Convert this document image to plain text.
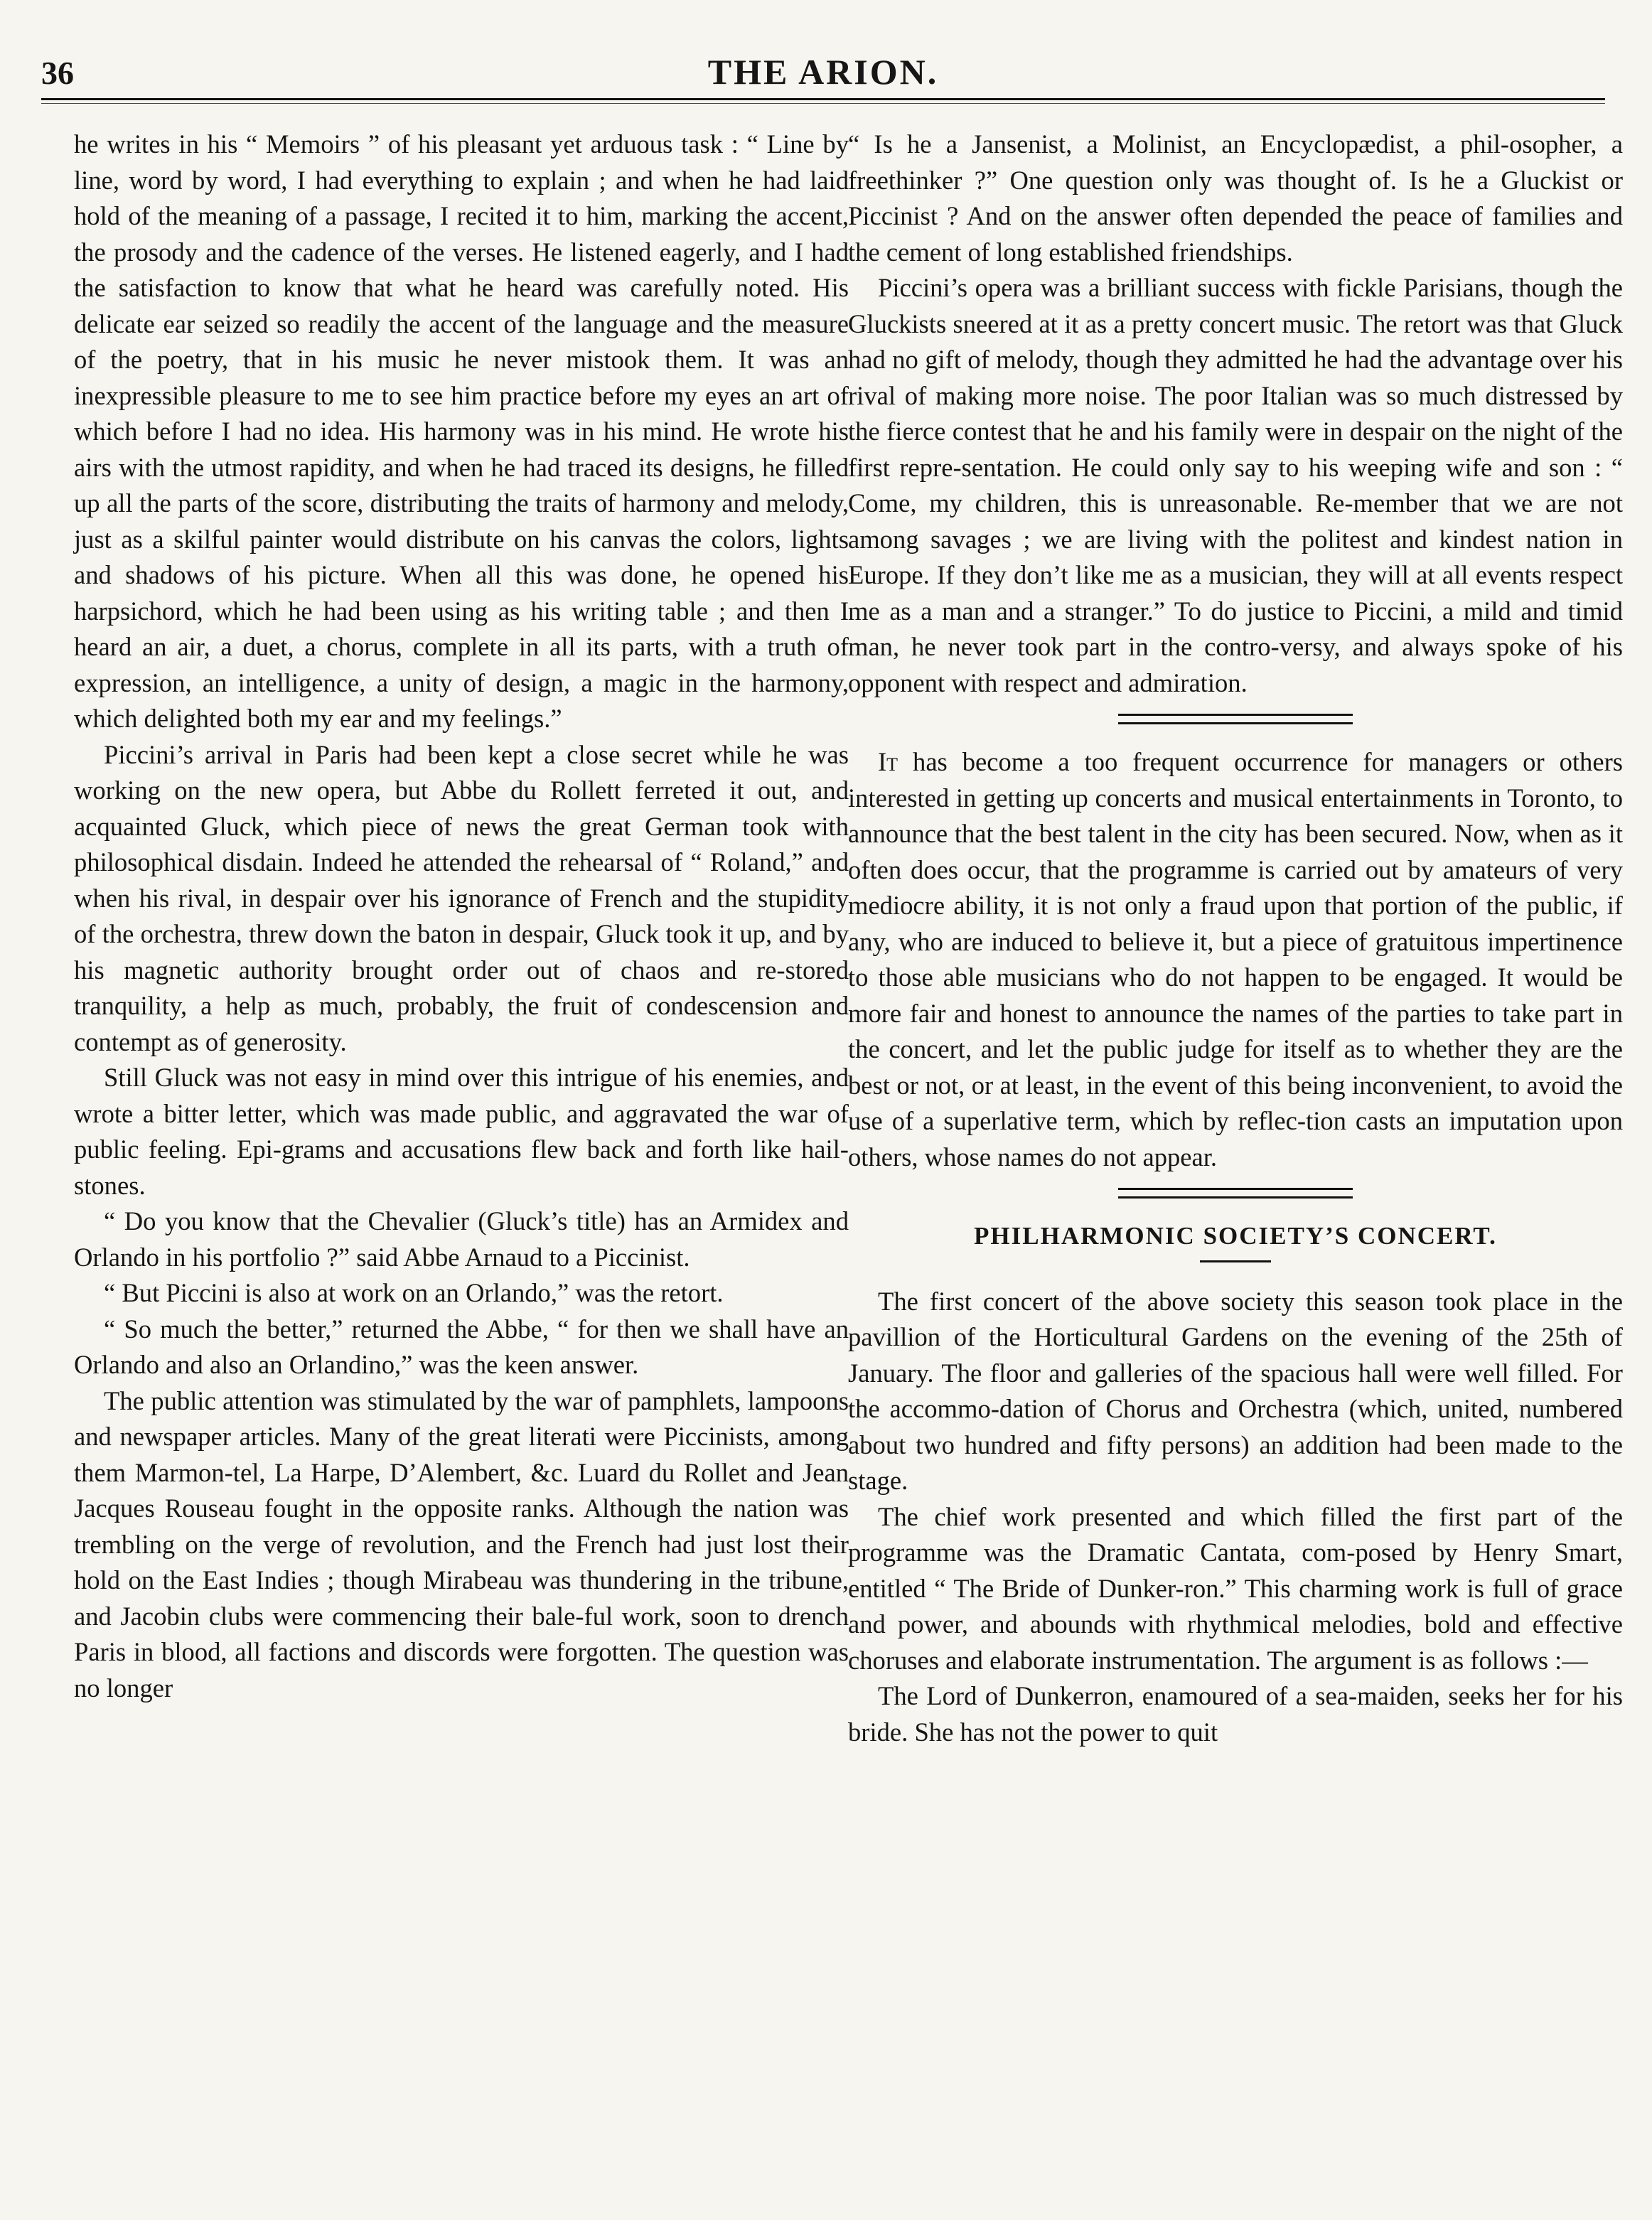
36	THE ARION.

he writes in his “ Memoirs ” of his pleasant yet arduous task : “ Line by line, word by word, I had everything to explain ; and when he had laid hold of the meaning of a passage, I recited it to him, marking the accent, the prosody and the cadence of the verses. He listened eagerly, and I had the satisfaction to know that what he heard was carefully noted. His delicate ear seized so readily the accent of the language and the measure of the poetry, that in his music he never mistook them. It was an inexpressible pleasure to me to see him practice before my eyes an art of which before I had no idea. His harmony was in his mind. He wrote his airs with the utmost rapidity, and when he had traced its designs, he filled up all the parts of the score, distributing the traits of harmony and melody, just as a skilful painter would distribute on his canvas the colors, lights and shadows of his picture. When all this was done, he opened his harpsichord, which he had been using as his writing table ; and then I heard an air, a duet, a chorus, complete in all its parts, with a truth of expression, an intelligence, a unity of design, a magic in the harmony, which delighted both my ear and my feelings.”

Piccini’s arrival in Paris had been kept a close secret while he was working on the new opera, but Abbe du Rollett ferreted it out, and acquainted Gluck, which piece of news the great German took with philosophical disdain. Indeed he attended the rehearsal of “ Roland,” and when his rival, in despair over his ignorance of French and the stupidity of the orchestra, threw down the baton in despair, Gluck took it up, and by his magnetic authority brought order out of chaos and re-stored tranquility, a help as much, probably, the fruit of condescension and contempt as of generosity.

Still Gluck was not easy in mind over this intrigue of his enemies, and wrote a bitter letter, which was made public, and aggravated the war of public feeling. Epi-grams and accusations flew back and forth like hail-stones.

“ Do you know that the Chevalier (Gluck’s title) has an Armidex and Orlando in his portfolio ?” said Abbe Arnaud to a Piccinist.

“ But Piccini is also at work on an Orlando,” was the retort.

“ So much the better,” returned the Abbe, “ for then we shall have an Orlando and also an Orlandino,” was the keen answer.

The public attention was stimulated by the war of pamphlets, lampoons and newspaper articles. Many of the great literati were Piccinists, among them Marmon-tel, La Harpe, D’Alembert, &c. Luard du Rollet and Jean Jacques Rouseau fought in the opposite ranks. Although the nation was trembling on the verge of revolution, and the French had just lost their hold on the East Indies ; though Mirabeau was thundering in the tribune, and Jacobin clubs were commencing their bale-ful work, soon to drench Paris in blood, all factions and discords were forgotten. The question was no longer

“ Is he a Jansenist, a Molinist, an Encyclopædist, a phil-osopher, a freethinker ?” One question only was thought of. Is he a Gluckist or Piccinist ? And on the answer often depended the peace of families and the cement of long established friendships.

Piccini’s opera was a brilliant success with fickle Parisians, though the Gluckists sneered at it as a pretty concert music. The retort was that Gluck had no gift of melody, though they admitted he had the advantage over his rival of making more noise. The poor Italian was so much distressed by the fierce contest that he and his family were in despair on the night of the first repre-sentation. He could only say to his weeping wife and son : “ Come, my children, this is unreasonable. Re-member that we are not among savages ; we are living with the politest and kindest nation in Europe. If they don’t like me as a musician, they will at all events respect me as a man and a stranger.” To do justice to Piccini, a mild and timid man, he never took part in the contro-versy, and always spoke of his opponent with respect and admiration.

It has become a too frequent occurrence for managers or others interested in getting up concerts and musical entertainments in Toronto, to announce that the best talent in the city has been secured. Now, when as it often does occur, that the programme is carried out by amateurs of very mediocre ability, it is not only a fraud upon that portion of the public, if any, who are induced to believe it, but a piece of gratuitous impertinence to those able musicians who do not happen to be engaged. It would be more fair and honest to announce the names of the parties to take part in the concert, and let the public judge for itself as to whether they are the best or not, or at least, in the event of this being inconvenient, to avoid the use of a superlative term, which by reflec-tion casts an imputation upon others, whose names do not appear.

PHILHARMONIC SOCIETY’S CONCERT.

The first concert of the above society this season took place in the pavillion of the Horticultural Gardens on the evening of the 25th of January. The floor and galleries of the spacious hall were well filled. For the accommo-dation of Chorus and Orchestra (which, united, numbered about two hundred and fifty persons) an addition had been made to the stage.

The chief work presented and which filled the first part of the programme was the Dramatic Cantata, com-posed by Henry Smart, entitled “ The Bride of Dunker-ron.” This charming work is full of grace and power, and abounds with rhythmical melodies, bold and effective choruses and elaborate instrumentation. The argument is as follows :—

The Lord of Dunkerron, enamoured of a sea-maiden, seeks her for his bride. She has not the power to quit
